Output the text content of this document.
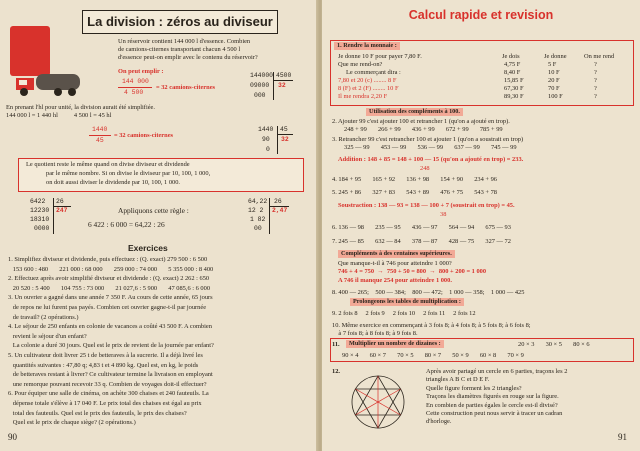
La division : zéros au diviseur
Un réservoir contient 144 000 l d'essence. Combien
de camions-citernes transportant chacun 4 500 l
d'essence peut-on emplir avec le contenu du réservoir?
On peut emplir :
144 000
4 500
= 32 camions-citernes
144000 4500
09000 32
000
En prenant l'hl pour unité, la division aurait été simplifiée.
144 000 l = 1 440 hl          4 500 l = 45 hl
1440
45
= 32 camions-citernes
1440 45
90 32
0
Le quotient reste le même quand on divise diviseur et dividende
par le même nombre. Si on divise le diviseur par 10, 100, 1 000,
on doit aussi diviser le dividende par 10, 100, 1 000.
6422 26
12230 247
18310
0000
Appliquons cette règle :
6 422 : 6 000 = 64,22 : 26
64,22 26
12 2 2,47
1 82
00
Exercices
1. Simplifiez diviseur et dividende, puis effectuez : (Q. exact) 279 500 : 6 500
153 600 : 480       221 000 : 68 000       259 000 : 74 000       5 355 000 : 8 400
2. Effectuez après avoir simplifié diviseur et dividende : (Q. exact) 2 262 : 650
20 520 : 5 400       104 755 : 73 000       21 027,6 : 5 900       47 085,6 : 6 000
3. Un ouvrier a gagné dans une année 7 350 F. Au cours de cette année, 65 jours
de repos ne lui furent pas payés. Combien cet ouvrier gagne-t-il par journée
de travail? (2 opérations.)
4. Le séjour de 250 enfants en colonie de vacances a coûté 43 500 F. A combien
revient le séjour d'un enfant?
La colonie a duré 30 jours. Quel est le prix de revient de la journée par enfant?
5. Un cultivateur doit livrer 25 t de betteraves à la sucrerie. Il a déjà livré les
quantités suivantes : 47,80 q; 4,83 t et 4 890 kg. Quel est, en kg, le poids
de betteraves restant à livrer? Ce cultivateur termine la livraison en employant
une remorque pouvant recevoir 33 q. Combien de voyages doit-il effectuer?
6. Pour équiper une salle de cinéma, on achète 300 chaises et 240 fauteuils. La
dépense totale s'élève à 17 040 F. Le prix total des chaises est égal au prix
total des fauteuils. Quel est le prix des fauteuils, le prix des chaises?
Quel est le prix de chaque siège? (2 opérations.)
90
Calcul rapide et revision
1. Rendre la monnaie :
Je donne 10 F pour payer 7,80 F.
Que me rend-on?
Le commerçant dira :
7,80 et 20 (c) ........ 8 F
8 (F) et 2 (F) ........ 10 F
Il me rendra 2,20 F
Je dois	Je donne	On me rend
4,75 F	5 F	?
8,40 F	10 F	?
15,85 F	20 F	?
67,30 F	70 F	?
89,30 F	100 F	?
Utilisation des compléments à 100.
2. Ajouter 99 c'est ajouter 100 et retrancher 1 (qu'on a ajouté en trop).
248 + 99       266 + 99       436 + 99       672 + 99       785 + 99
3. Retrancher 99 c'est retrancher 100 et ajouter 1 (qu'on a soustrait en trop)
325 — 99       453 — 99       536 — 99       637 — 99       745 — 99
Addition : 148 + 85 = 148 + 100 — 15 (qu'on a ajouté en trop) = 233.
248
4. 184 + 95       165 + 92       136 + 98       154 + 90       234 + 96
5. 245 + 86       327 + 83       543 + 89       476 + 75       543 + 78
Soustraction : 138 — 93 = 138 — 100 + 7 (soustrait en trop) = 45.
38
6. 136 — 98       235 — 95       436 — 97       564 — 94       675 — 93
7. 245 — 85       632 — 84       378 — 87       428 — 75       327 — 72
Compléments à des centaines supérieures.
Que manque-t-il à 746 pour atteindre 1 000?
746 + 4 = 750  →  750 + 50 = 800  →  800 + 200 = 1 000
A 746 il manque 254 pour atteindre 1 000.
8. 400 — 265;    500 — 384;    800 — 472;    1 000 — 358;    1 000 — 425
Prolongeons les tables de multiplication :
9. 2 fois 8     2 fois 9     2 fois 10     2 fois 11     2 fois 12
10. Même exercice en commençant à 3 fois 8; à 4 fois 8; à 5 fois 8; à 6 fois 8;
à 7 fois 8; à 8 fois 8; à 9 fois 8.
11.	Multiplier un nombre de dizaines :	20 × 3       30 × 5       80 × 6
90 × 4       60 × 7       70 × 5       80 × 7       50 × 9       60 × 8       70 × 9
12.	Après avoir partagé un cercle en 6 parties, traçons les 2
triangles A B C et D E F.
Quelle figure forment les 2 triangles?
Traçons les diamètres figurés en rouge sur la figure.
En combien de parties égales le cercle est-il divisé?
Cette construction peut nous servir à tracer un cadran
d'horloge.
91
